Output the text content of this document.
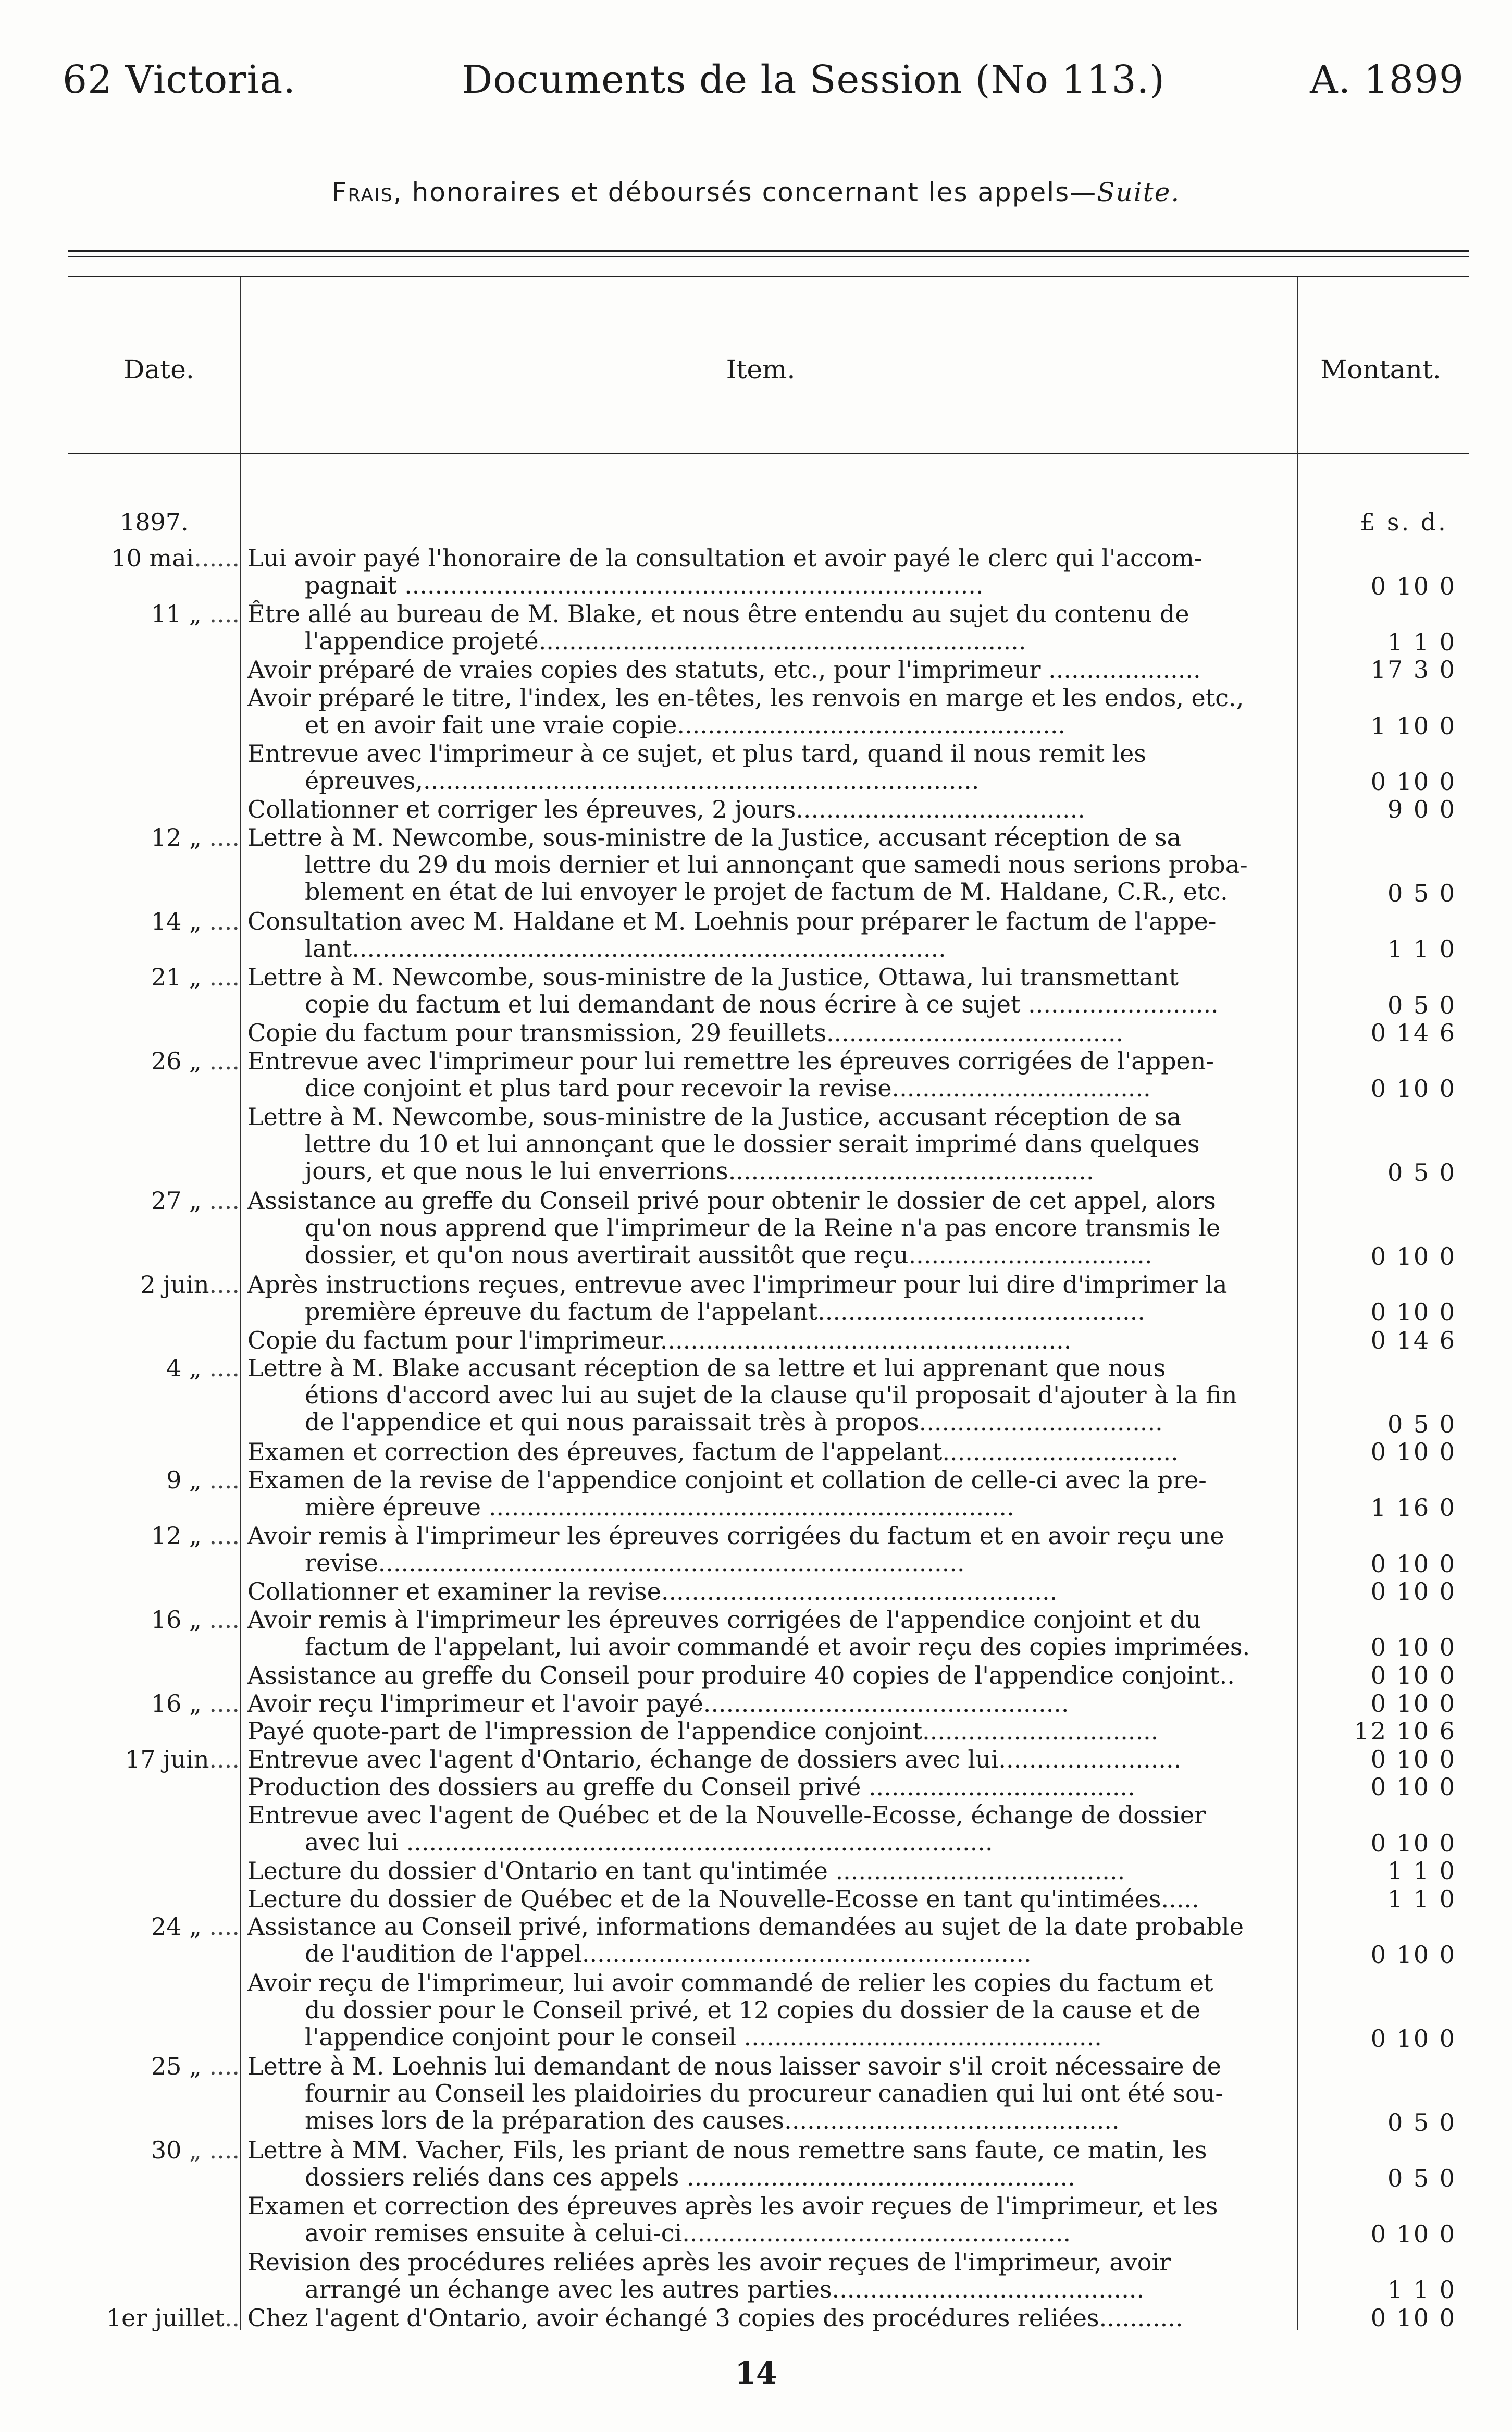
62 Victoria.	Documents de la Session (No 113.)	A. 1899
Frais, honoraires et déboursés concernant les appels—Suite.
Date.	Item.	Montant.
1897.	£ s. d.
10 mai...... Lui avoir payé l'honoraire de la consultation et avoir payé le clerc qui l'accom-
pagnait ............................................................................	0 10 0
11 „ .... Être allé au bureau de M. Blake, et nous être entendu au sujet du contenu de
l'appendice projeté................................................................	1 1 0
Avoir préparé de vraies copies des statuts, etc., pour l'imprimeur ....................	17 3 0
Avoir préparé le titre, l'index, les en-têtes, les renvois en marge et les endos, etc.,
et en avoir fait une vraie copie...................................................	1 10 0
Entrevue avec l'imprimeur à ce sujet, et plus tard, quand il nous remit les
épreuves,.........................................................................	0 10 0
Collationner et corriger les épreuves, 2 jours......................................	9 0 0
12 „ .... Lettre à M. Newcombe, sous-ministre de la Justice, accusant réception de sa
lettre du 29 du mois dernier et lui annonçant que samedi nous serions proba-
blement en état de lui envoyer le projet de factum de M. Haldane, C.R., etc.	0 5 0
14 „ .... Consultation avec M. Haldane et M. Loehnis pour préparer le factum de l'appe-
lant..............................................................................	1 1 0
21 „ .... Lettre à M. Newcombe, sous-ministre de la Justice, Ottawa, lui transmettant
copie du factum et lui demandant de nous écrire à ce sujet .........................	0 5 0
Copie du factum pour transmission, 29 feuillets.......................................	0 14 6
26 „ .... Entrevue avec l'imprimeur pour lui remettre les épreuves corrigées de l'appen-
dice conjoint et plus tard pour recevoir la revise..................................	0 10 0
Lettre à M. Newcombe, sous-ministre de la Justice, accusant réception de sa
lettre du 10 et lui annonçant que le dossier serait imprimé dans quelques
jours, et que nous le lui enverrions................................................	0 5 0
27 „ .... Assistance au greffe du Conseil privé pour obtenir le dossier de cet appel, alors
qu'on nous apprend que l'imprimeur de la Reine n'a pas encore transmis le
dossier, et qu'on nous avertirait aussitôt que reçu................................	0 10 0
2 juin.... Après instructions reçues, entrevue avec l'imprimeur pour lui dire d'imprimer la
première épreuve du factum de l'appelant...........................................	0 10 0
Copie du factum pour l'imprimeur......................................................	0 14 6
4 „ .... Lettre à M. Blake accusant réception de sa lettre et lui apprenant que nous
étions d'accord avec lui au sujet de la clause qu'il proposait d'ajouter à la fin
de l'appendice et qui nous paraissait très à propos................................	0 5 0
Examen et correction des épreuves, factum de l'appelant...............................	0 10 0
9 „ .... Examen de la revise de l'appendice conjoint et collation de celle-ci avec la pre-
mière épreuve .....................................................................	1 16 0
12 „ .... Avoir remis à l'imprimeur les épreuves corrigées du factum et en avoir reçu une
revise.............................................................................	0 10 0
Collationner et examiner la revise....................................................	0 10 0
16 „ .... Avoir remis à l'imprimeur les épreuves corrigées de l'appendice conjoint et du
factum de l'appelant, lui avoir commandé et avoir reçu des copies imprimées.	0 10 0
Assistance au greffe du Conseil pour produire 40 copies de l'appendice conjoint..	0 10 0
16 „ .... Avoir reçu l'imprimeur et l'avoir payé................................................	0 10 0
Payé quote-part de l'impression de l'appendice conjoint...............................	12 10 6
17 juin.... Entrevue avec l'agent d'Ontario, échange de dossiers avec lui........................	0 10 0
Production des dossiers au greffe du Conseil privé ...................................	0 10 0
Entrevue avec l'agent de Québec et de la Nouvelle-Ecosse, échange de dossier
avec lui .............................................................................	0 10 0
Lecture du dossier d'Ontario en tant qu'intimée ......................................	1 1 0
Lecture du dossier de Québec et de la Nouvelle-Ecosse en tant qu'intimées.....	1 1 0
24 „ .... Assistance au Conseil privé, informations demandées au sujet de la date probable
de l'audition de l'appel...........................................................	0 10 0
Avoir reçu de l'imprimeur, lui avoir commandé de relier les copies du factum et
du dossier pour le Conseil privé, et 12 copies du dossier de la cause et de
l'appendice conjoint pour le conseil ...............................................	0 10 0
25 „ .... Lettre à M. Loehnis lui demandant de nous laisser savoir s'il croit nécessaire de
fournir au Conseil les plaidoiries du procureur canadien qui lui ont été sou-
mises lors de la préparation des causes............................................	0 5 0
30 „ .... Lettre à MM. Vacher, Fils, les priant de nous remettre sans faute, ce matin, les
dossiers reliés dans ces appels ...................................................	0 5 0
Examen et correction des épreuves après les avoir reçues de l'imprimeur, et les
avoir remises ensuite à celui-ci...................................................	0 10 0
Revision des procédures reliées après les avoir reçues de l'imprimeur, avoir
arrangé un échange avec les autres parties.........................................	1 1 0
1er juillet.. Chez l'agent d'Ontario, avoir échangé 3 copies des procédures reliées...........	0 10 0
14
